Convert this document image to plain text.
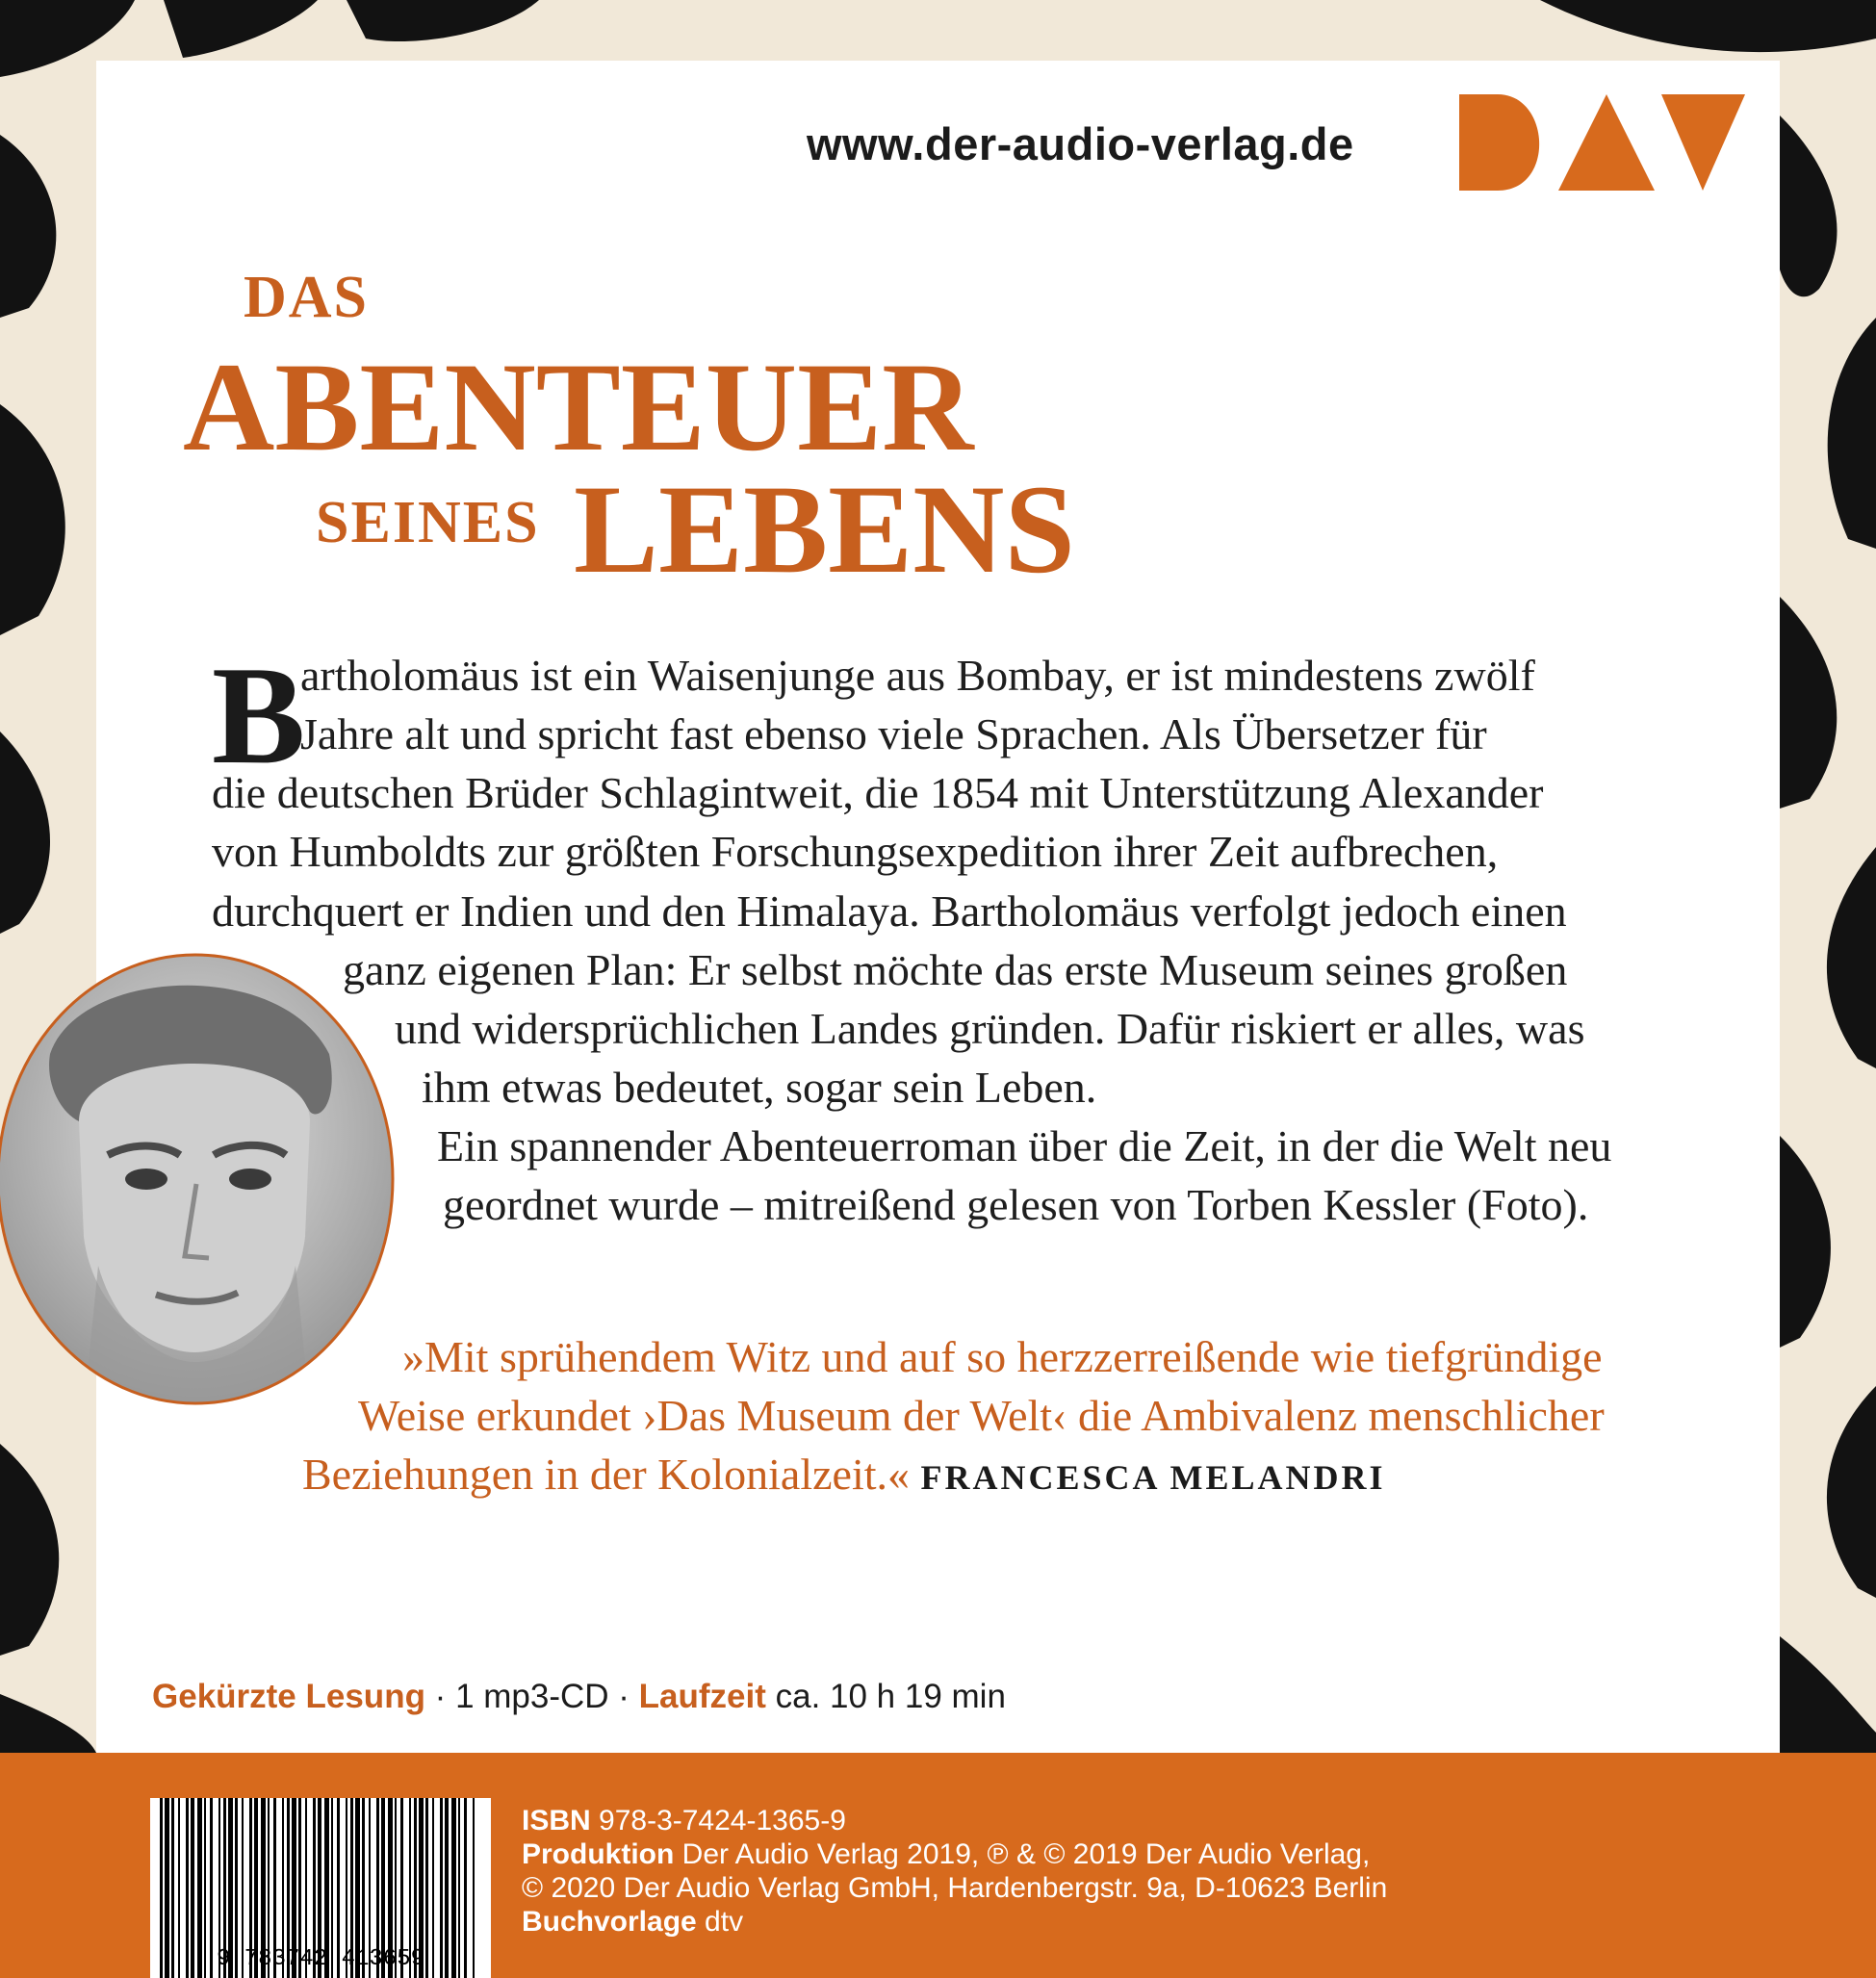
www.der-audio-verlag.de
DAS
ABENTEUER
SEINES LEBENS
B
artholomäus ist ein Waisenjunge aus Bombay, er ist mindestens zwölf
Jahre alt und spricht fast ebenso viele Sprachen. Als Übersetzer für
die deutschen Brüder Schlagintweit, die 1854 mit Unterstützung Alexander
von Humboldts zur größten Forschungsexpedition ihrer Zeit aufbrechen,
durchquert er Indien und den Himalaya. Bartholomäus verfolgt jedoch einen
ganz eigenen Plan: Er selbst möchte das erste Museum seines großen
und widersprüchlichen Landes gründen. Dafür riskiert er alles, was
ihm etwas bedeutet, sogar sein Leben.
Ein spannender Abenteuerroman über die Zeit, in der die Welt neu
geordnet wurde – mitreißend gelesen von Torben Kessler (Foto).
»Mit sprühendem Witz und auf so herzzerreißende wie tiefgründige
Weise erkundet ›Das Museum der Welt‹ die Ambivalenz menschlicher
Beziehungen in der Kolonialzeit.« FRANCESCA MELANDRI
Gekürzte Lesung · 1 mp3-CD · Laufzeit ca. 10 h 19 min
9 783742 413659
ISBN 978-3-7424-1365-9
Produktion Der Audio Verlag 2019, ℗ & © 2019 Der Audio Verlag,
© 2020 Der Audio Verlag GmbH, Hardenbergstr. 9a, D-10623 Berlin
Buchvorlage dtv
